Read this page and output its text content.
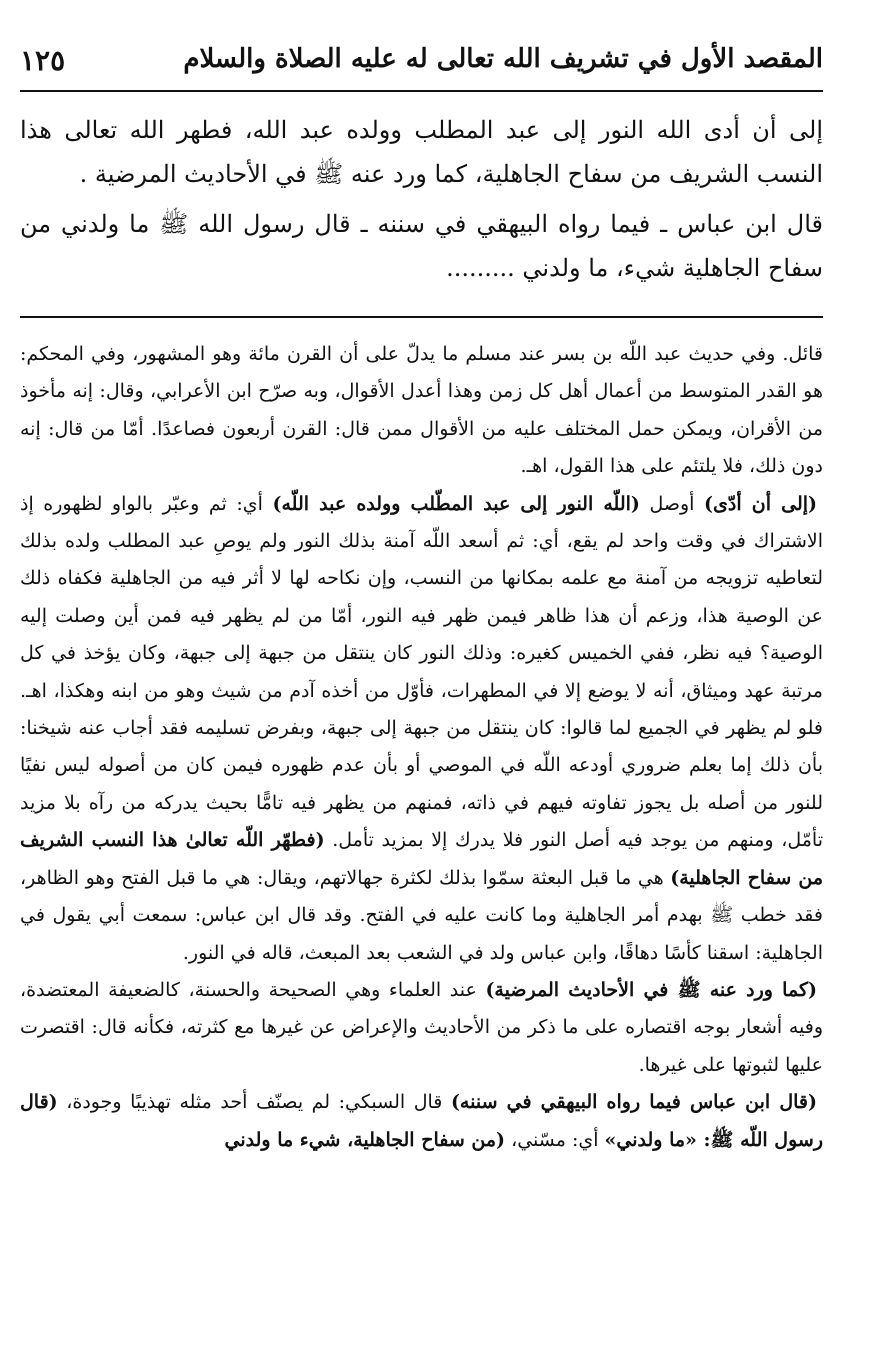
المقصد الأول في تشريف الله تعالى له عليه الصلاة والسلام
١٢٥

إلى أن أدى الله النور إلى عبد المطلب وولده عبد الله، فطهر الله تعالى هذا النسب الشريف من سفاح الجاهلية، كما ورد عنه ﷺ في الأحاديث المرضية .

قال ابن عباس ـ فيما رواه البيهقي في سننه ـ قال رسول الله ﷺ ما ولدني من سفاح الجاهلية شيء، ما ولدني .........

قائل. وفي حديث عبد اللّه بن بسر عند مسلم ما يدلّ على أن القرن مائة وهو المشهور، وفي المحكم: هو القدر المتوسط من أعمال أهل كل زمن وهذا أعدل الأقوال، وبه صرّح ابن الأعرابي، وقال: إنه مأخوذ من الأقران، ويمكن حمل المختلف عليه من الأقوال ممن قال: القرن أربعون فصاعدًا. أمّا من قال: إنه دون ذلك، فلا يلتئم على هذا القول، اهـ.

(إلى أن أدّى) أوصل (اللّه النور إلى عبد المطّلب وولده عبد اللّه) أي: ثم وعبّر بالواو لظهوره إذ الاشتراك في وقت واحد لم يقع، أي: ثم أسعد اللّه آمنة بذلك النور ولم يوصِ عبد المطلب ولده بذلك لتعاطيه تزويجه من آمنة مع علمه بمكانها من النسب، وإن نكاحه لها لا أثر فيه من الجاهلية فكفاه ذلك عن الوصية هذا، وزعم أن هذا ظاهر فيمن ظهر فيه النور، أمّا من لم يظهر فيه فمن أين وصلت إليه الوصية؟ فيه نظر، ففي الخميس كغيره: وذلك النور كان ينتقل من جبهة إلى جبهة، وكان يؤخذ في كل مرتبة عهد وميثاق، أنه لا يوضع إلا في المطهرات، فأوّل من أخذه آدم من شيث وهو من ابنه وهكذا، اهـ. فلو لم يظهر في الجميع لما قالوا: كان ينتقل من جبهة إلى جبهة، وبفرض تسليمه فقد أجاب عنه شيخنا: بأن ذلك إما بعلم ضروري أودعه اللّه في الموصي أو بأن عدم ظهوره فيمن كان من أصوله ليس نفيًا للنور من أصله بل يجوز تفاوته فيهم في ذاته، فمنهم من يظهر فيه تامًّا بحيث يدركه من رآه بلا مزيد تأمّل، ومنهم من يوجد فيه أصل النور فلا يدرك إلا بمزيد تأمل. (فطهّر اللّه تعالىٰ هذا النسب الشريف من سفاح الجاهلية) هي ما قبل البعثة سمّوا بذلك لكثرة جهالاتهم، ويقال: هي ما قبل الفتح وهو الظاهر، فقد خطب ﷺ بهدم أمر الجاهلية وما كانت عليه في الفتح. وقد قال ابن عباس: سمعت أبي يقول في الجاهلية: اسقنا كأسًا دهاقًا، وابن عباس ولد في الشعب بعد المبعث، قاله في النور.

(كما ورد عنه ﷺ في الأحاديث المرضية) عند العلماء وهي الصحيحة والحسنة، كالضعيفة المعتضدة، وفيه أشعار بوجه اقتصاره على ما ذكر من الأحاديث والإعراض عن غيرها مع كثرته، فكأنه قال: اقتصرت عليها لثبوتها على غيرها.

(قال ابن عباس فيما رواه البيهقي في سننه) قال السبكي: لم يصنّف أحد مثله تهذيبًا وجودة، (قال رسول اللّه ﷺ: «ما ولدني» أي: مسّني، (من سفاح الجاهلية، شيء ما ولدني
